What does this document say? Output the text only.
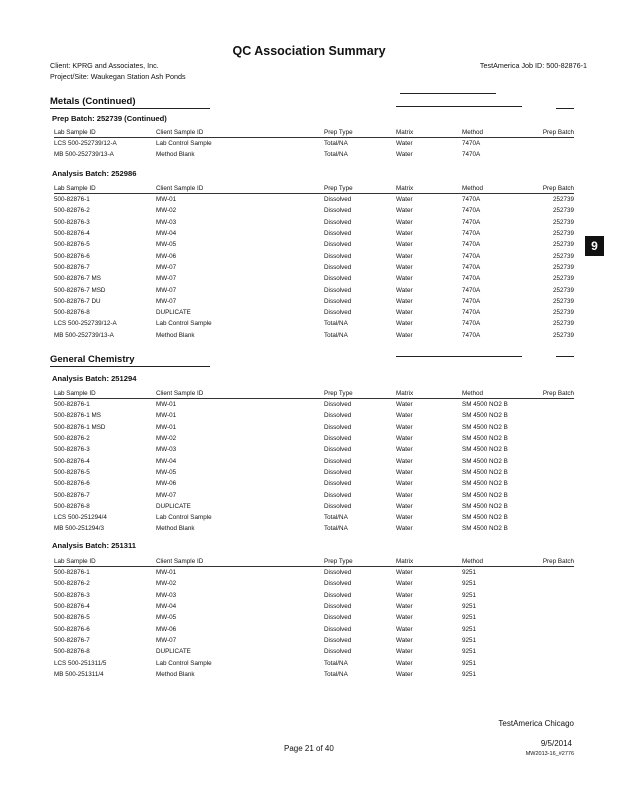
QC Association Summary
Client: KPRG and Associates, Inc.
Project/Site: Waukegan Station Ash Ponds
TestAmerica Job ID: 500-82876-1
Metals (Continued)
Prep Batch: 252739 (Continued)
Lab Sample ID	Client Sample ID	Prep Type	Matrix	Method	Prep Batch
LCS 500-252739/12-A	Lab Control Sample	Total/NA	Water	7470A	
MB 500-252739/13-A	Method Blank	Total/NA	Water	7470A	
Analysis Batch: 252986
Lab Sample ID	Client Sample ID	Prep Type	Matrix	Method	Prep Batch
500-82876-1	MW-01	Dissolved	Water	7470A	252739
500-82876-2	MW-02	Dissolved	Water	7470A	252739
500-82876-3	MW-03	Dissolved	Water	7470A	252739
500-82876-4	MW-04	Dissolved	Water	7470A	252739
500-82876-5	MW-05	Dissolved	Water	7470A	252739
500-82876-6	MW-06	Dissolved	Water	7470A	252739
500-82876-7	MW-07	Dissolved	Water	7470A	252739
500-82876-7 MS	MW-07	Dissolved	Water	7470A	252739
500-82876-7 MSD	MW-07	Dissolved	Water	7470A	252739
500-82876-7 DU	MW-07	Dissolved	Water	7470A	252739
500-82876-8	DUPLICATE	Dissolved	Water	7470A	252739
LCS 500-252739/12-A	Lab Control Sample	Total/NA	Water	7470A	252739
MB 500-252739/13-A	Method Blank	Total/NA	Water	7470A	252739
9
General Chemistry
Analysis Batch: 251294
Lab Sample ID	Client Sample ID	Prep Type	Matrix	Method	Prep Batch
500-82876-1	MW-01	Dissolved	Water	SM 4500 NO2 B	
500-82876-1 MS	MW-01	Dissolved	Water	SM 4500 NO2 B	
500-82876-1 MSD	MW-01	Dissolved	Water	SM 4500 NO2 B	
500-82876-2	MW-02	Dissolved	Water	SM 4500 NO2 B	
500-82876-3	MW-03	Dissolved	Water	SM 4500 NO2 B	
500-82876-4	MW-04	Dissolved	Water	SM 4500 NO2 B	
500-82876-5	MW-05	Dissolved	Water	SM 4500 NO2 B	
500-82876-6	MW-06	Dissolved	Water	SM 4500 NO2 B	
500-82876-7	MW-07	Dissolved	Water	SM 4500 NO2 B	
500-82876-8	DUPLICATE	Dissolved	Water	SM 4500 NO2 B	
LCS 500-251294/4	Lab Control Sample	Total/NA	Water	SM 4500 NO2 B	
MB 500-251294/3	Method Blank	Total/NA	Water	SM 4500 NO2 B	
Analysis Batch: 251311
Lab Sample ID	Client Sample ID	Prep Type	Matrix	Method	Prep Batch
500-82876-1	MW-01	Dissolved	Water	9251	
500-82876-2	MW-02	Dissolved	Water	9251	
500-82876-3	MW-03	Dissolved	Water	9251	
500-82876-4	MW-04	Dissolved	Water	9251	
500-82876-5	MW-05	Dissolved	Water	9251	
500-82876-6	MW-06	Dissolved	Water	9251	
500-82876-7	MW-07	Dissolved	Water	9251	
500-82876-8	DUPLICATE	Dissolved	Water	9251	
LCS 500-251311/5	Lab Control Sample	Total/NA	Water	9251	
MB 500-251311/4	Method Blank	Total/NA	Water	9251	
TestAmerica Chicago
Page 21 of 40
9/5/2014
MW2013-16_#2776
